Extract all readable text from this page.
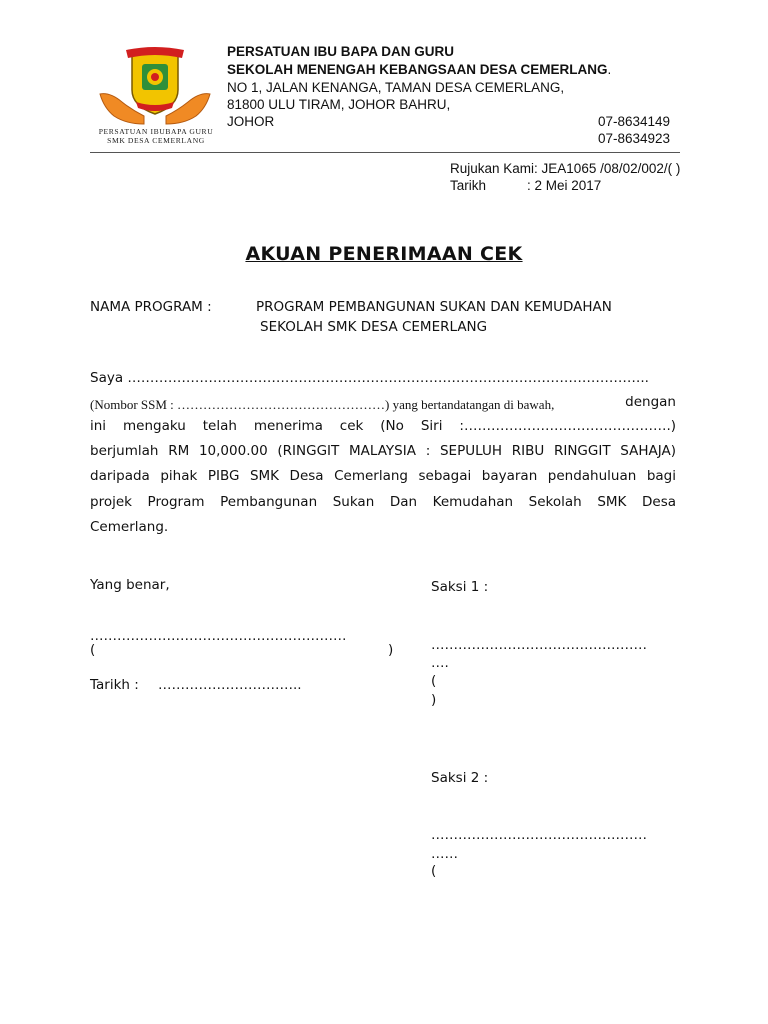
PERSATUAN IBUBAPA GURU
SMK DESA CEMERLANG
PERSATUAN IBU BAPA DAN GURU
SEKOLAH MENENGAH KEBANGSAAN DESA CEMERLANG.
NO 1, JALAN KENANGA, TAMAN DESA CEMERLANG,
81800 ULU TIRAM, JOHOR BAHRU,
JOHOR	07-8634149
07-8634923
Rujukan Kami: JEA1065 /08/02/002/( )
Tarikh	: 2 Mei 2017
AKUAN PENERIMAAN CEK
NAMA PROGRAM :	PROGRAM PEMBANGUNAN SUKAN DAN KEMUDAHAN
SEKOLAH SMK DESA CEMERLANG
Saya ……………………………………………………………………………………………………..
(Nombor SSM : …………………………………………) yang bertandatangan di bawah,	dengan
ini mengaku telah menerima cek (No Siri :……………………………………….)
berjumlah RM 10,000.00 (RINGGIT MALAYSIA : SEPULUH RIBU RINGGIT SAHAJA)
daripada pihak PIBG SMK Desa Cemerlang sebagai bayaran pendahuluan bagi
projek Program Pembangunan Sukan Dan Kemudahan Sekolah SMK Desa
Cemerlang.
Yang benar,
…………………………………………………
(	)
Tarikh : …………………………..
Saksi 1 :
…………………………………………
….
(
)
Saksi 2 :
…………………………………………
……
(
